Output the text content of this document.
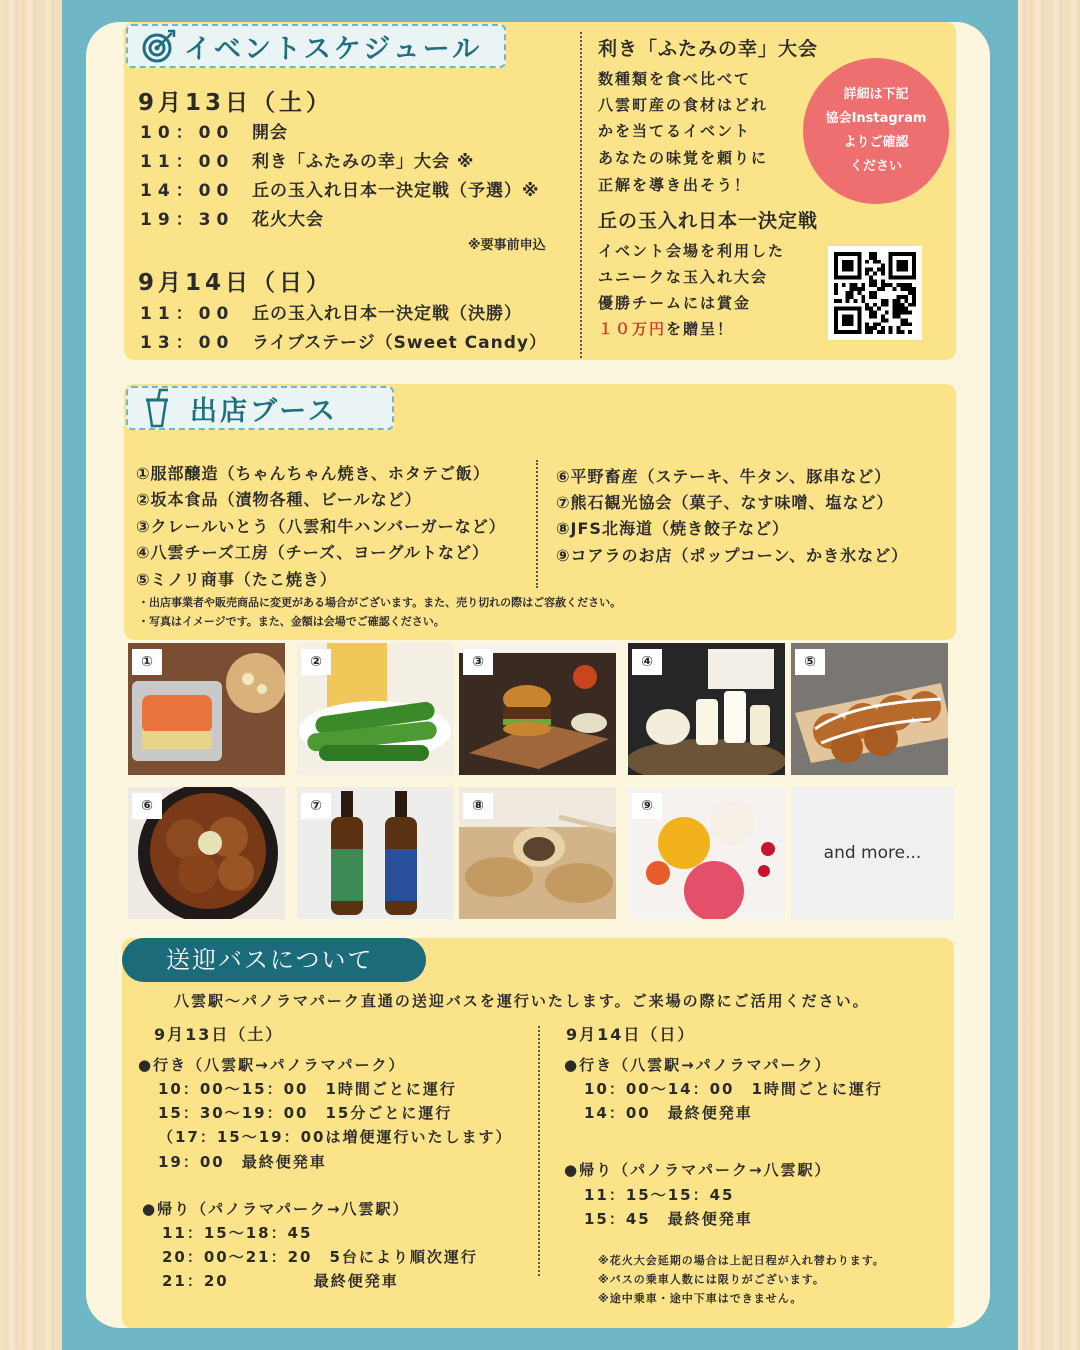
イベントスケジュール
9月13日（土）
10：00	開会
11：00	利き「ふたみの幸」大会 ※
14：00	丘の玉入れ日本一決定戦（予選）※
19：30	花火大会
※要事前申込
9月14日（日）
11：00	丘の玉入れ日本一決定戦（決勝）
13：00	ライブステージ（Sweet Candy）
利き「ふたみの幸」大会
数種類を食べ比べて
八雲町産の食材はどれ
かを当てるイベント
あなたの味覚を頼りに
正解を導き出そう！
丘の玉入れ日本一決定戦
イベント会場を利用した
ユニークな玉入れ大会
優勝チームには賞金
１０万円を贈呈！
詳細は下記
協会Instagram
よりご確認
ください
出店ブース
①服部醸造（ちゃんちゃん焼き、ホタテご飯）
②坂本食品（漬物各種、ビールなど）
③クレールいとう（八雲和牛ハンバーガーなど）
④八雲チーズ工房（チーズ、ヨーグルトなど）
⑤ミノリ商事（たこ焼き）
⑥平野畜産（ステーキ、牛タン、豚串など）
⑦熊石観光協会（菓子、なす味噌、塩など）
⑧JFS北海道（焼き餃子など）
⑨コアラのお店（ポップコーン、かき氷など）
・出店事業者や販売商品に変更がある場合がございます。また、売り切れの際はご容赦ください。
・写真はイメージです。また、金額は会場でご確認ください。
①	②	③	④	⑤
⑥	⑦	⑧	⑨
and more...
送迎バスについて
八雲駅〜パノラマパーク直通の送迎バスを運行いたします。ご来場の際にご活用ください。
9月13日（土）
●行き（八雲駅→パノラマパーク）
10：00〜15：00　1時間ごとに運行
15：30〜19：00　15分ごとに運行
（17：15〜19：00は増便運行いたします）
19：00　最終便発車
●帰り（パノラマパーク→八雲駅）
11：15〜18：45
20：00〜21：20　5台により順次運行
21：20　　　　　最終便発車
9月14日（日）
●行き（八雲駅→パノラマパーク）
10：00〜14：00　1時間ごとに運行
14：00　最終便発車
●帰り（パノラマパーク→八雲駅）
11：15〜15：45
15：45　最終便発車
※花火大会延期の場合は上記日程が入れ替わります。
※バスの乗車人数には限りがございます。
※途中乗車・途中下車はできません。
